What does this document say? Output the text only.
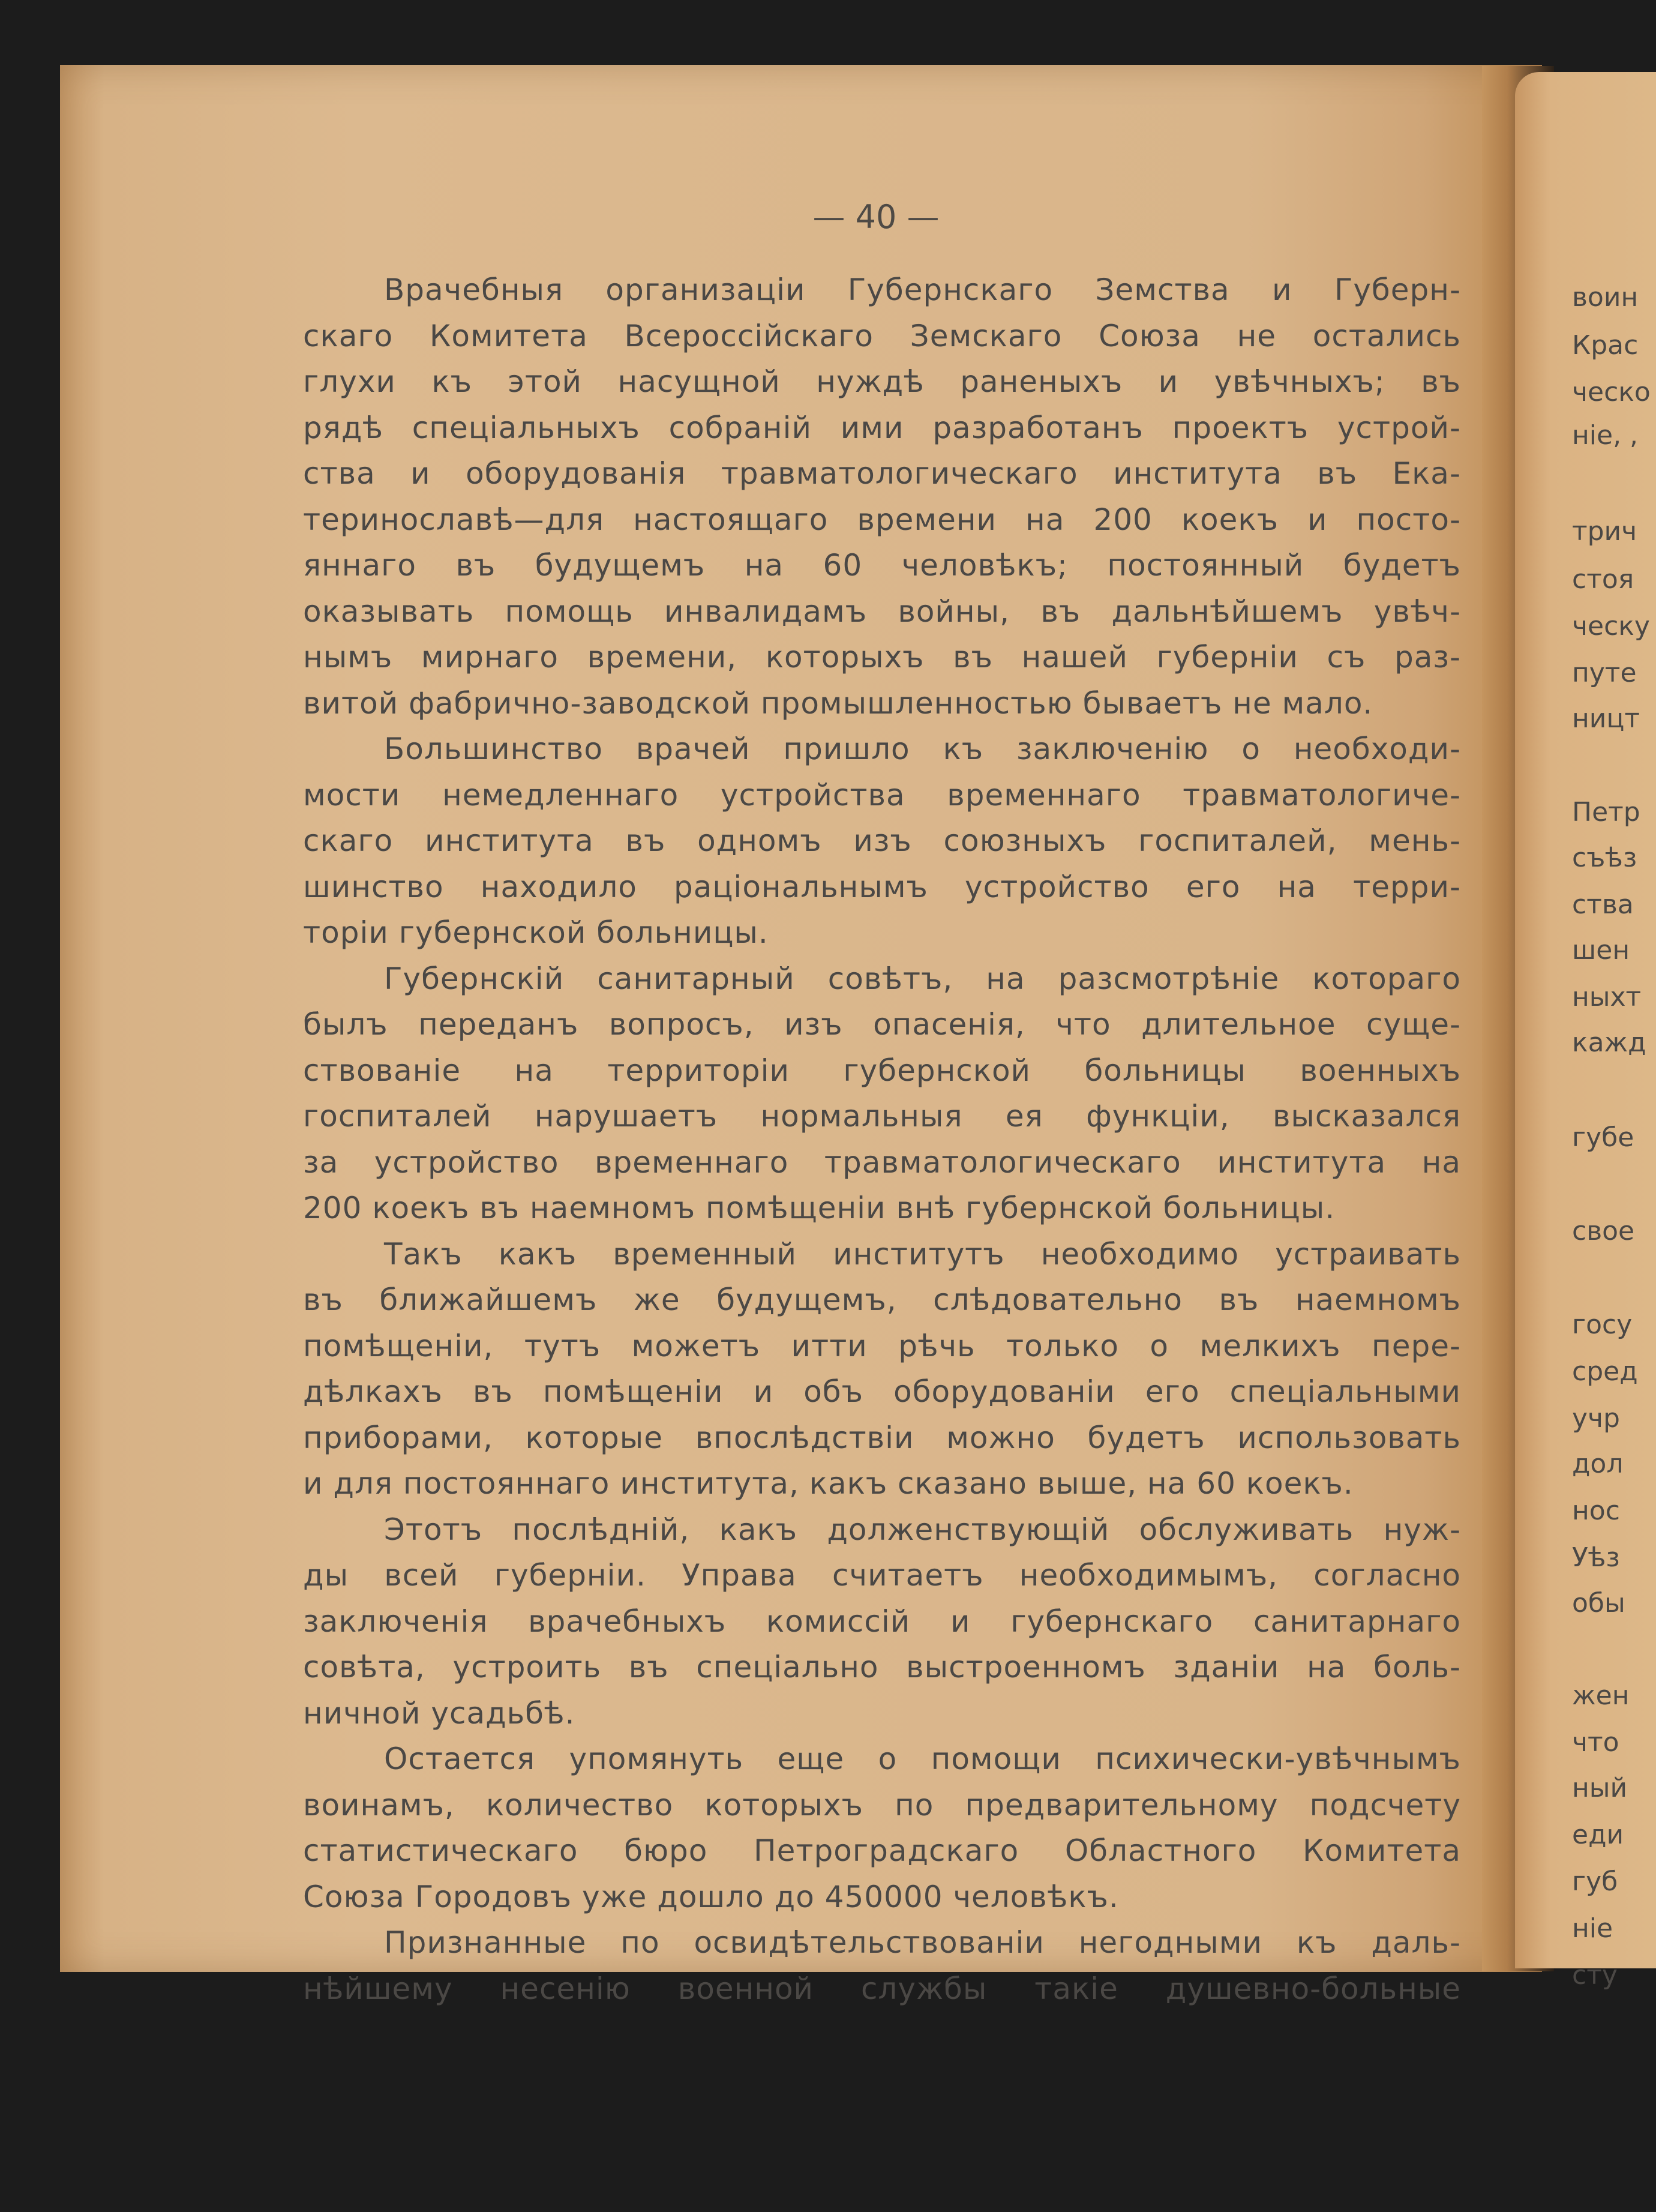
— 40 —
Врачебныя организацiи Губернскаго Земства и Губерн-
скаго Комитета Всероссiйскаго Земскаго Союза не остались
глухи къ этой насущной нуждѣ раненыхъ и увѣчныхъ; въ
рядѣ спецiальныхъ собранiй ими разработанъ проектъ устрой-
ства и оборудованiя травматологическаго института въ Ека-
теринославѣ—для настоящаго времени на 200 коекъ и посто-
яннаго въ будущемъ на 60 человѣкъ; постоянный будетъ
оказывать помощь инвалидамъ войны, въ дальнѣйшемъ увѣч-
нымъ мирнаго времени, которыхъ въ нашей губернiи съ раз-
витой фабрично-заводской промышленностью бываетъ не мало.
Большинство врачей пришло къ заключенiю о необходи-
мости немедленнаго устройства временнаго травматологиче-
скаго института въ одномъ изъ союзныхъ госпиталей, мень-
шинство находило рацiональнымъ устройство его на терри-
торiи губернской больницы.
Губернскiй санитарный совѣтъ, на разсмотрѣнiе котораго
былъ переданъ вопросъ, изъ опасенiя, что длительное суще-
ствованiе на территорiи губернской больницы военныхъ
госпиталей нарушаетъ нормальныя ея функцiи, высказался
за устройство временнаго травматологическаго института на
200 коекъ въ наемномъ помѣщенiи внѣ губернской больницы.
Такъ какъ временный институтъ необходимо устраивать
въ ближайшемъ же будущемъ, слѣдовательно въ наемномъ
помѣщенiи, тутъ можетъ итти рѣчь только о мелкихъ пере-
дѣлкахъ въ помѣщенiи и объ оборудованiи его спецiальными
приборами, которые впослѣдствiи можно будетъ использовать
и для постояннаго института, какъ сказано выше, на 60 коекъ.
Этотъ послѣднiй, какъ долженствующiй обслуживать нуж-
ды всей губернiи. Управа считаетъ необходимымъ, согласно
заключенiя врачебныхъ комиссiй и губернскаго санитарнаго
совѣта, устроить въ спецiально выстроенномъ зданiи на боль-
ничной усадьбѣ.
Остается упомянуть еще о помощи психически-увѣчнымъ
воинамъ, количество которыхъ по предварительному подсчету
статистическаго бюро Петроградскаго Областного Комитета
Союза Городовъ уже дошло до 450000 человѣкъ.
Признанные по освидѣтельствованiи негодными къ даль-
нѣйшему несенiю военной службы такiе душевно-больные
воин
Крас
ческо
нiе, ,
трич
стоя
ческу
путе
ницт
Петр
съѣз
ства
шен
ныхт
кажд
губе
свое
госу
сред
учр
дол
нос
Уѣз
обы
жен
что
ный
еди
губ
нiе
сту
